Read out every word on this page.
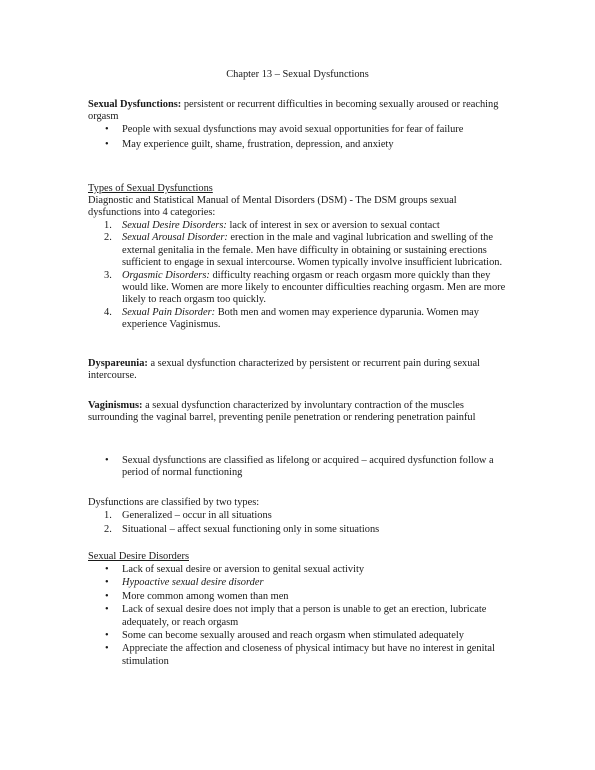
Chapter 13 – Sexual Dysfunctions
Sexual Dysfunctions: persistent or recurrent difficulties in becoming sexually aroused or reaching orgasm
• People with sexual dysfunctions may avoid sexual opportunities for fear of failure
• May experience guilt, shame, frustration, depression, and anxiety
Types of Sexual Dysfunctions
Diagnostic and Statistical Manual of Mental Disorders (DSM) - The DSM groups sexual dysfunctions into 4 categories:
1. Sexual Desire Disorders: lack of interest in sex or aversion to sexual contact
2. Sexual Arousal Disorder: erection in the male and vaginal lubrication and swelling of the external genitalia in the female. Men have difficulty in obtaining or sustaining erections sufficient to engage in sexual intercourse. Women typically involve insufficient lubrication.
3. Orgasmic Disorders: difficulty reaching orgasm or reach orgasm more quickly than they would like. Women are more likely to encounter difficulties reaching orgasm. Men are more likely to reach orgasm too quickly.
4. Sexual Pain Disorder: Both men and women may experience dyparunia. Women may experience Vaginismus.
Dyspareunia: a sexual dysfunction characterized by persistent or recurrent pain during sexual intercourse.
Vaginismus: a sexual dysfunction characterized by involuntary contraction of the muscles surrounding the vaginal barrel, preventing penile penetration or rendering penetration painful
• Sexual dysfunctions are classified as lifelong or acquired – acquired dysfunction follow a period of normal functioning
Dysfunctions are classified by two types:
1. Generalized – occur in all situations
2. Situational – affect sexual functioning only in some situations
Sexual Desire Disorders
• Lack of sexual desire or aversion to genital sexual activity
• Hypoactive sexual desire disorder
• More common among women than men
• Lack of sexual desire does not imply that a person is unable to get an erection, lubricate adequately, or reach orgasm
• Some can become sexually aroused and reach orgasm when stimulated adequately
• Appreciate the affection and closeness of physical intimacy but have no interest in genital stimulation
